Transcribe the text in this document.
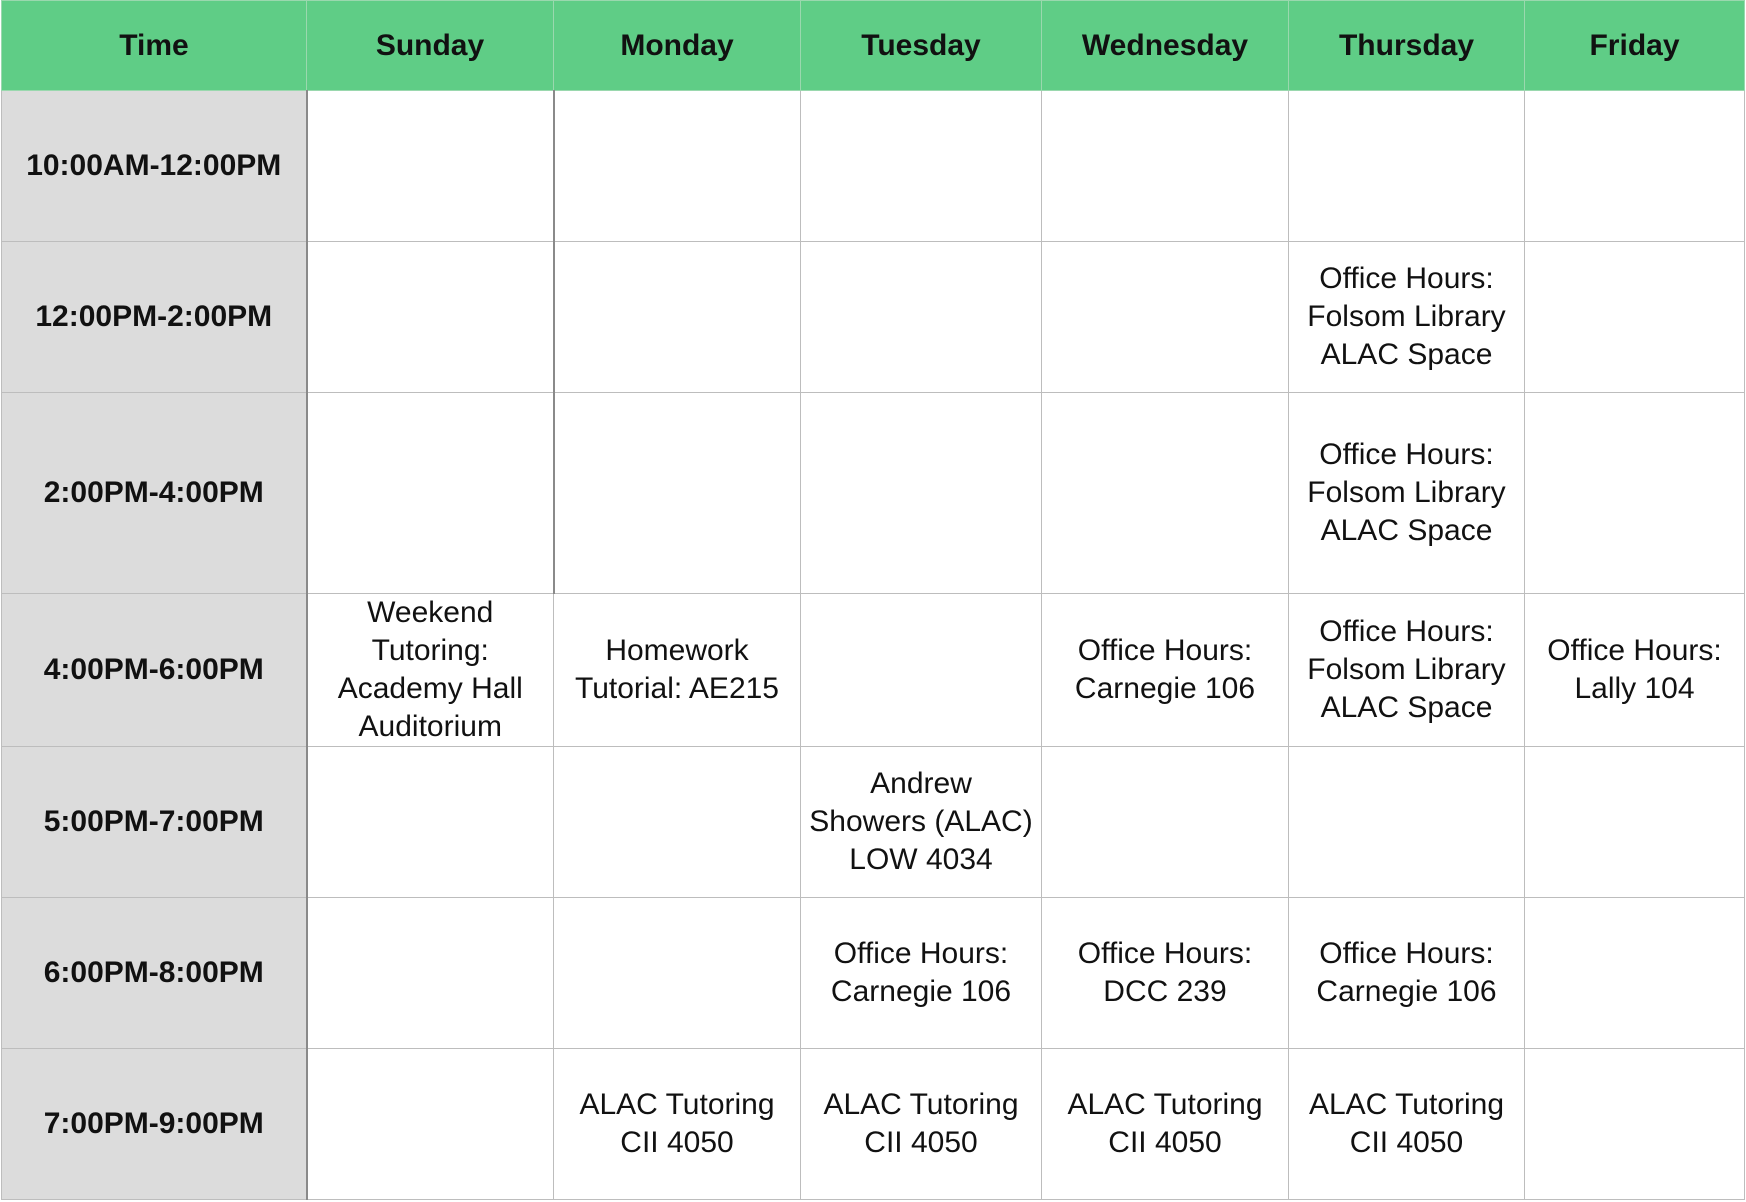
Time	Sunday	Monday	Tuesday	Wednesday	Thursday	Friday
10:00AM-12:00PM						
12:00PM-2:00PM					Office Hours:
Folsom Library
ALAC Space	
2:00PM-4:00PM					Office Hours:
Folsom Library
ALAC Space	
4:00PM-6:00PM	Weekend
Tutoring:
Academy Hall
Auditorium	Homework
Tutorial: AE215		Office Hours:
Carnegie 106	Office Hours:
Folsom Library
ALAC Space	Office Hours:
Lally 104
5:00PM-7:00PM			Andrew
Showers (ALAC)
LOW 4034			
6:00PM-8:00PM			Office Hours:
Carnegie 106	Office Hours:
DCC 239	Office Hours:
Carnegie 106	
7:00PM-9:00PM		ALAC Tutoring
CII 4050	ALAC Tutoring
CII 4050	ALAC Tutoring
CII 4050	ALAC Tutoring
CII 4050	
